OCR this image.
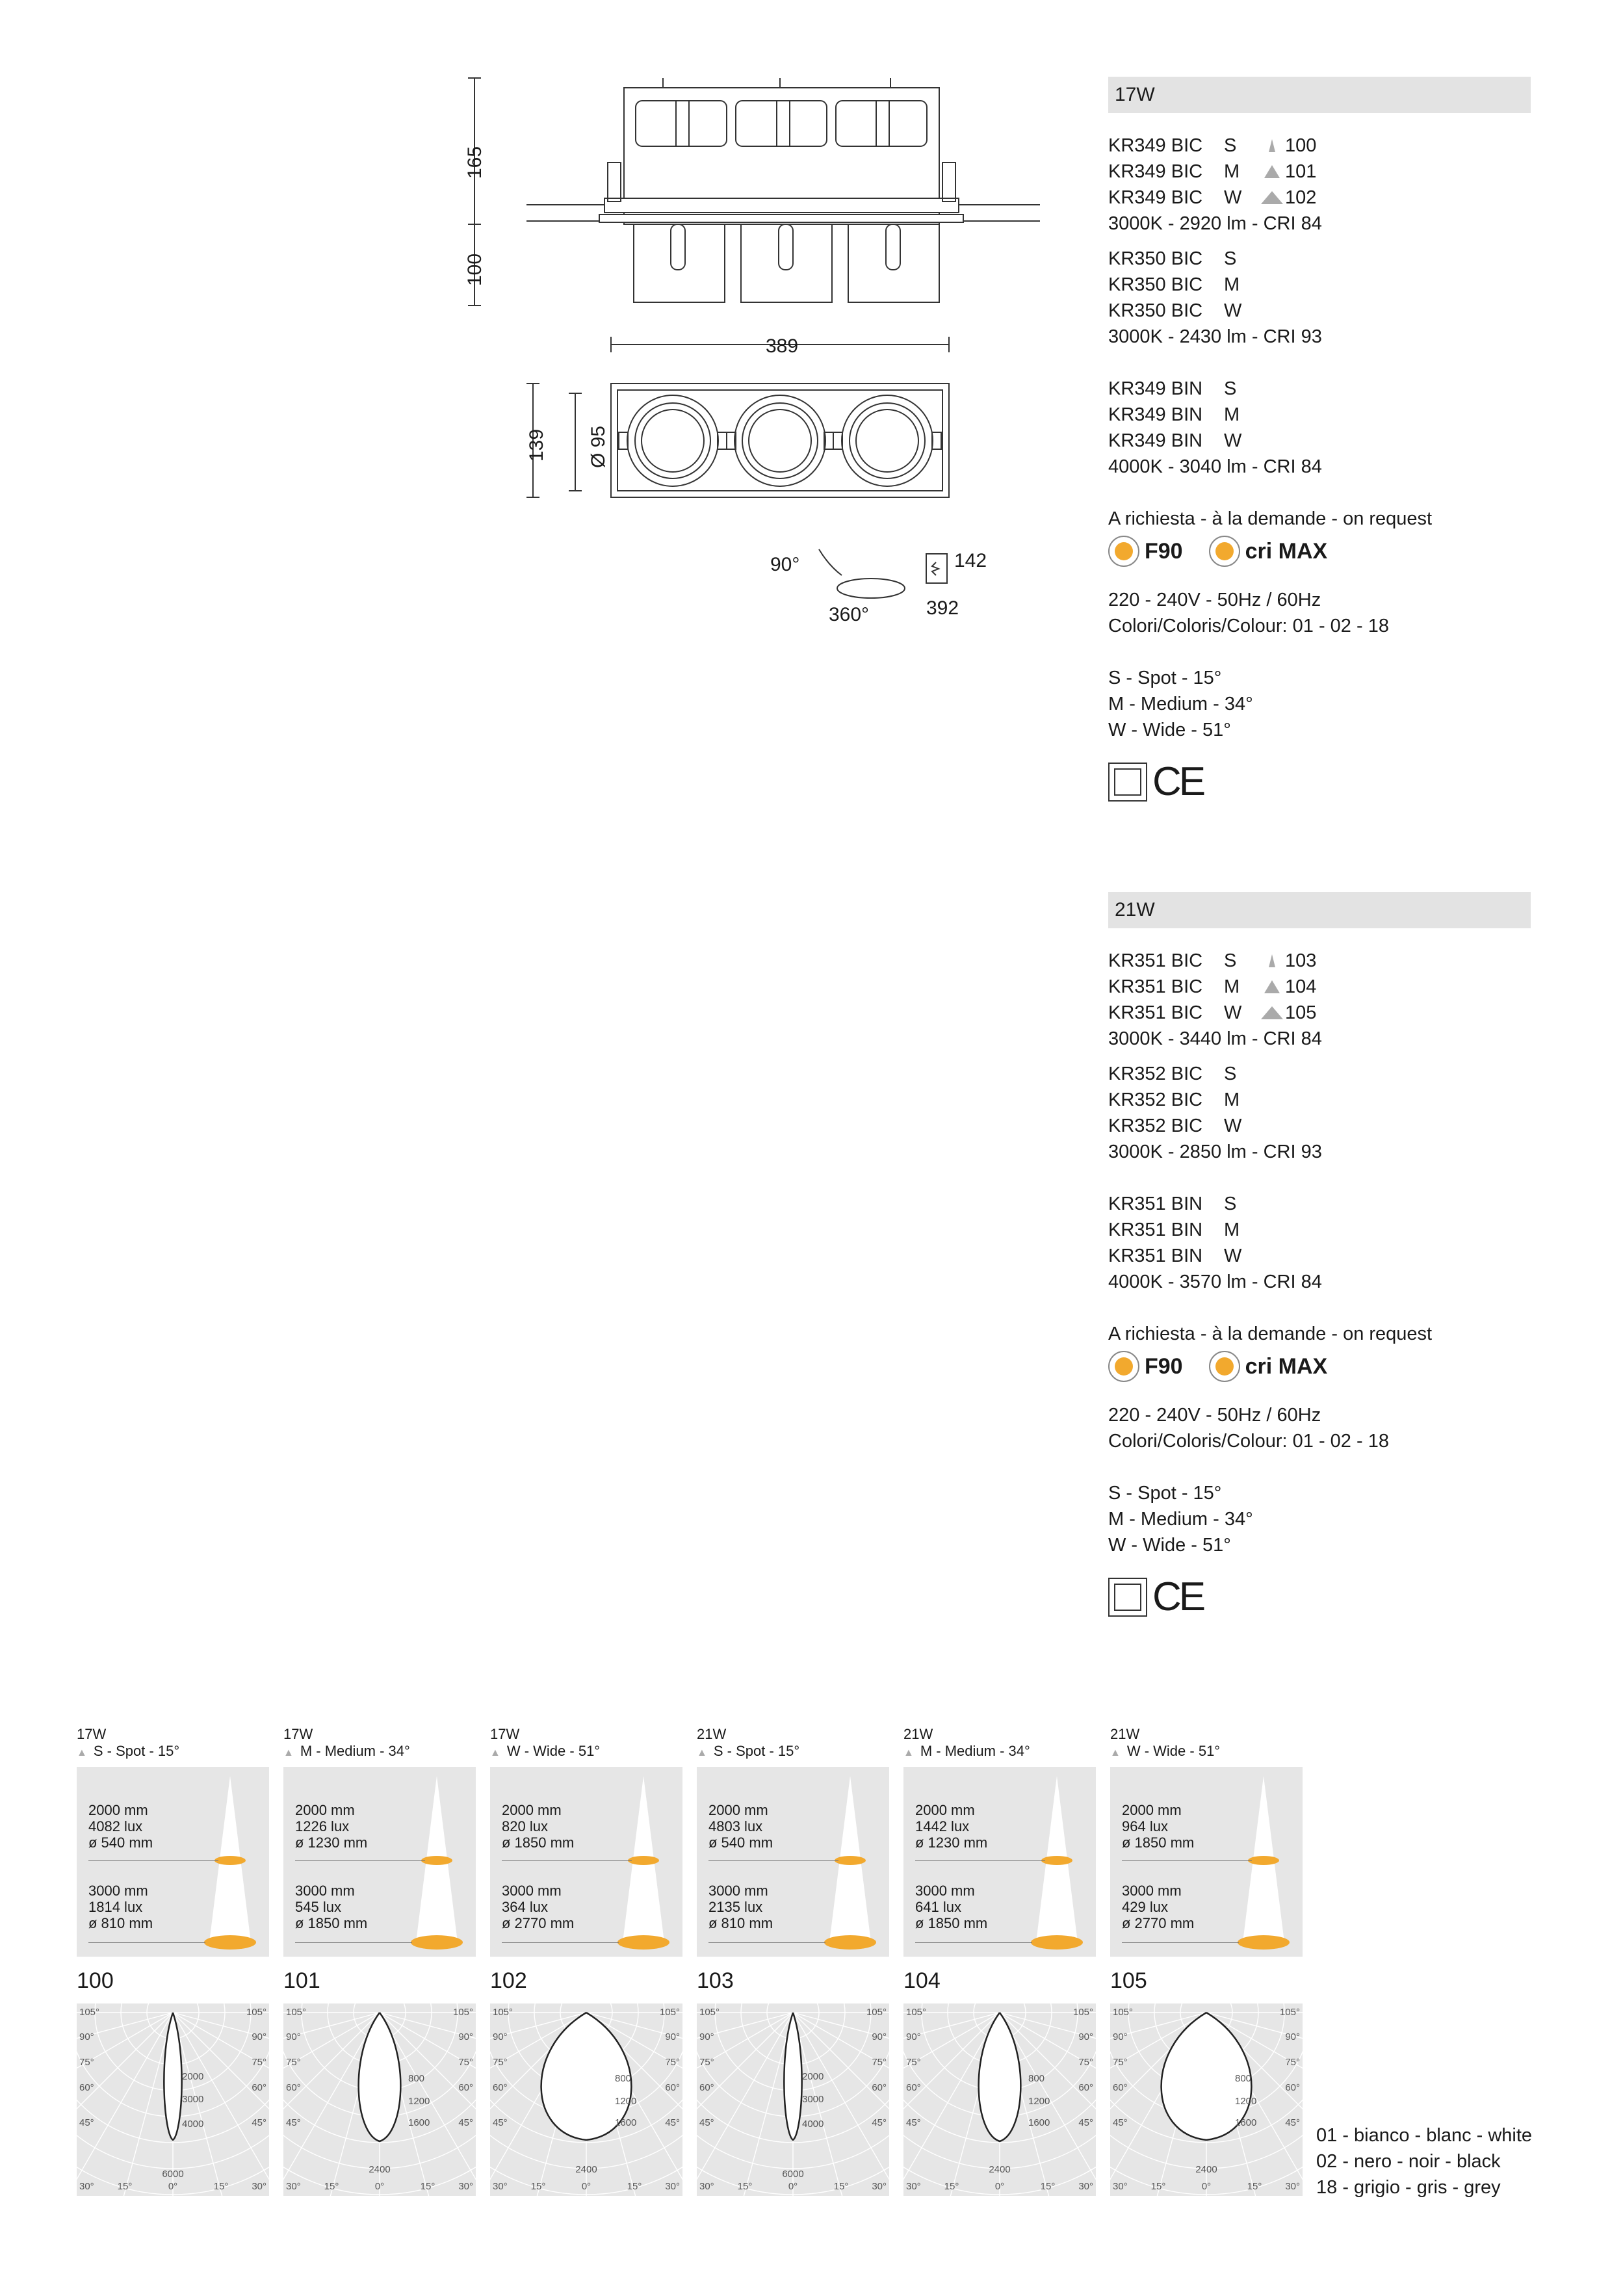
165
100
389
139 Ø 95
90°
360°
142
392
17W
KR349 BIC S	100
KR349 BIC M 101
KR349 BIC W 102
3000K - 2920 lm - CRI 84
KR350 BIC S
KR350 BIC M
KR350 BIC W
3000K - 2430 lm - CRI 93
KR349 BIN S
KR349 BIN M
KR349 BIN W
4000K - 3040 lm - CRI 84
A richiesta - à la demande - on request
F90	cri MAX
220 - 240V - 50Hz / 60Hz
Colori/Coloris/Colour: 01 - 02 - 18
S - Spot - 15°
M - Medium - 34°
W - Wide - 51°
CE
21W
KR351 BIC S	103
KR351 BIC M 104
KR351 BIC W 105
3000K - 3440 lm - CRI 84
KR352 BIC S
KR352 BIC M
KR352 BIC W
3000K - 2850 lm - CRI 93
KR351 BIN S
KR351 BIN M
KR351 BIN W
4000K - 3570 lm - CRI 84
A richiesta - à la demande - on request
F90	cri MAX
220 - 240V - 50Hz / 60Hz
Colori/Coloris/Colour: 01 - 02 - 18
S - Spot - 15°
M - Medium - 34°
W - Wide - 51°
CE
17W
▲ S - Spot - 15°
2000 mm
4082 lux
ø 540 mm
3000 mm
1814 lux
ø 810 mm
100
105°	105°
90°	90°
75°	75°
60°	60°
45°	45°
30°	30°
15°	15°
0°
2000
3000
4000
6000
17W
▲ M - Medium - 34°
2000 mm
1226 lux
ø 1230 mm
3000 mm
545 lux
ø 1850 mm
101
105°	105°
90°	90°
75°	75°
60°	60°
45°	45°
30°	30°
15°	15°
0°
800
1200
1600
2400
17W
▲ W - Wide - 51°
2000 mm
820 lux
ø 1850 mm
3000 mm
364 lux
ø 2770 mm
102
105°	105°
90°	90°
75°	75°
60°	60°
45°	45°
30°	30°
15°	15°
0°
800
1200
1600
2400
21W
▲ S - Spot - 15°
2000 mm
4803 lux
ø 540 mm
3000 mm
2135 lux
ø 810 mm
103
105°	105°
90°	90°
75°	75°
60°	60°
45°	45°
30°	30°
15°	15°
0°
2000
3000
4000
6000
21W
▲ M - Medium - 34°
2000 mm
1442 lux
ø 1230 mm
3000 mm
641 lux
ø 1850 mm
104
105°	105°
90°	90°
75°	75°
60°	60°
45°	45°
30°	30°
15°	15°
0°
800
1200
1600
2400
21W
▲ W - Wide - 51°
2000 mm
964 lux
ø 1850 mm
3000 mm
429 lux
ø 2770 mm
105
105°	105°
90°	90°
75°	75°
60°	60°
45°	45°
30°	30°
15°	15°
0°
800
1200
1600
2400
01 - bianco - blanc - white
02 - nero - noir - black
18 - grigio - gris - grey
